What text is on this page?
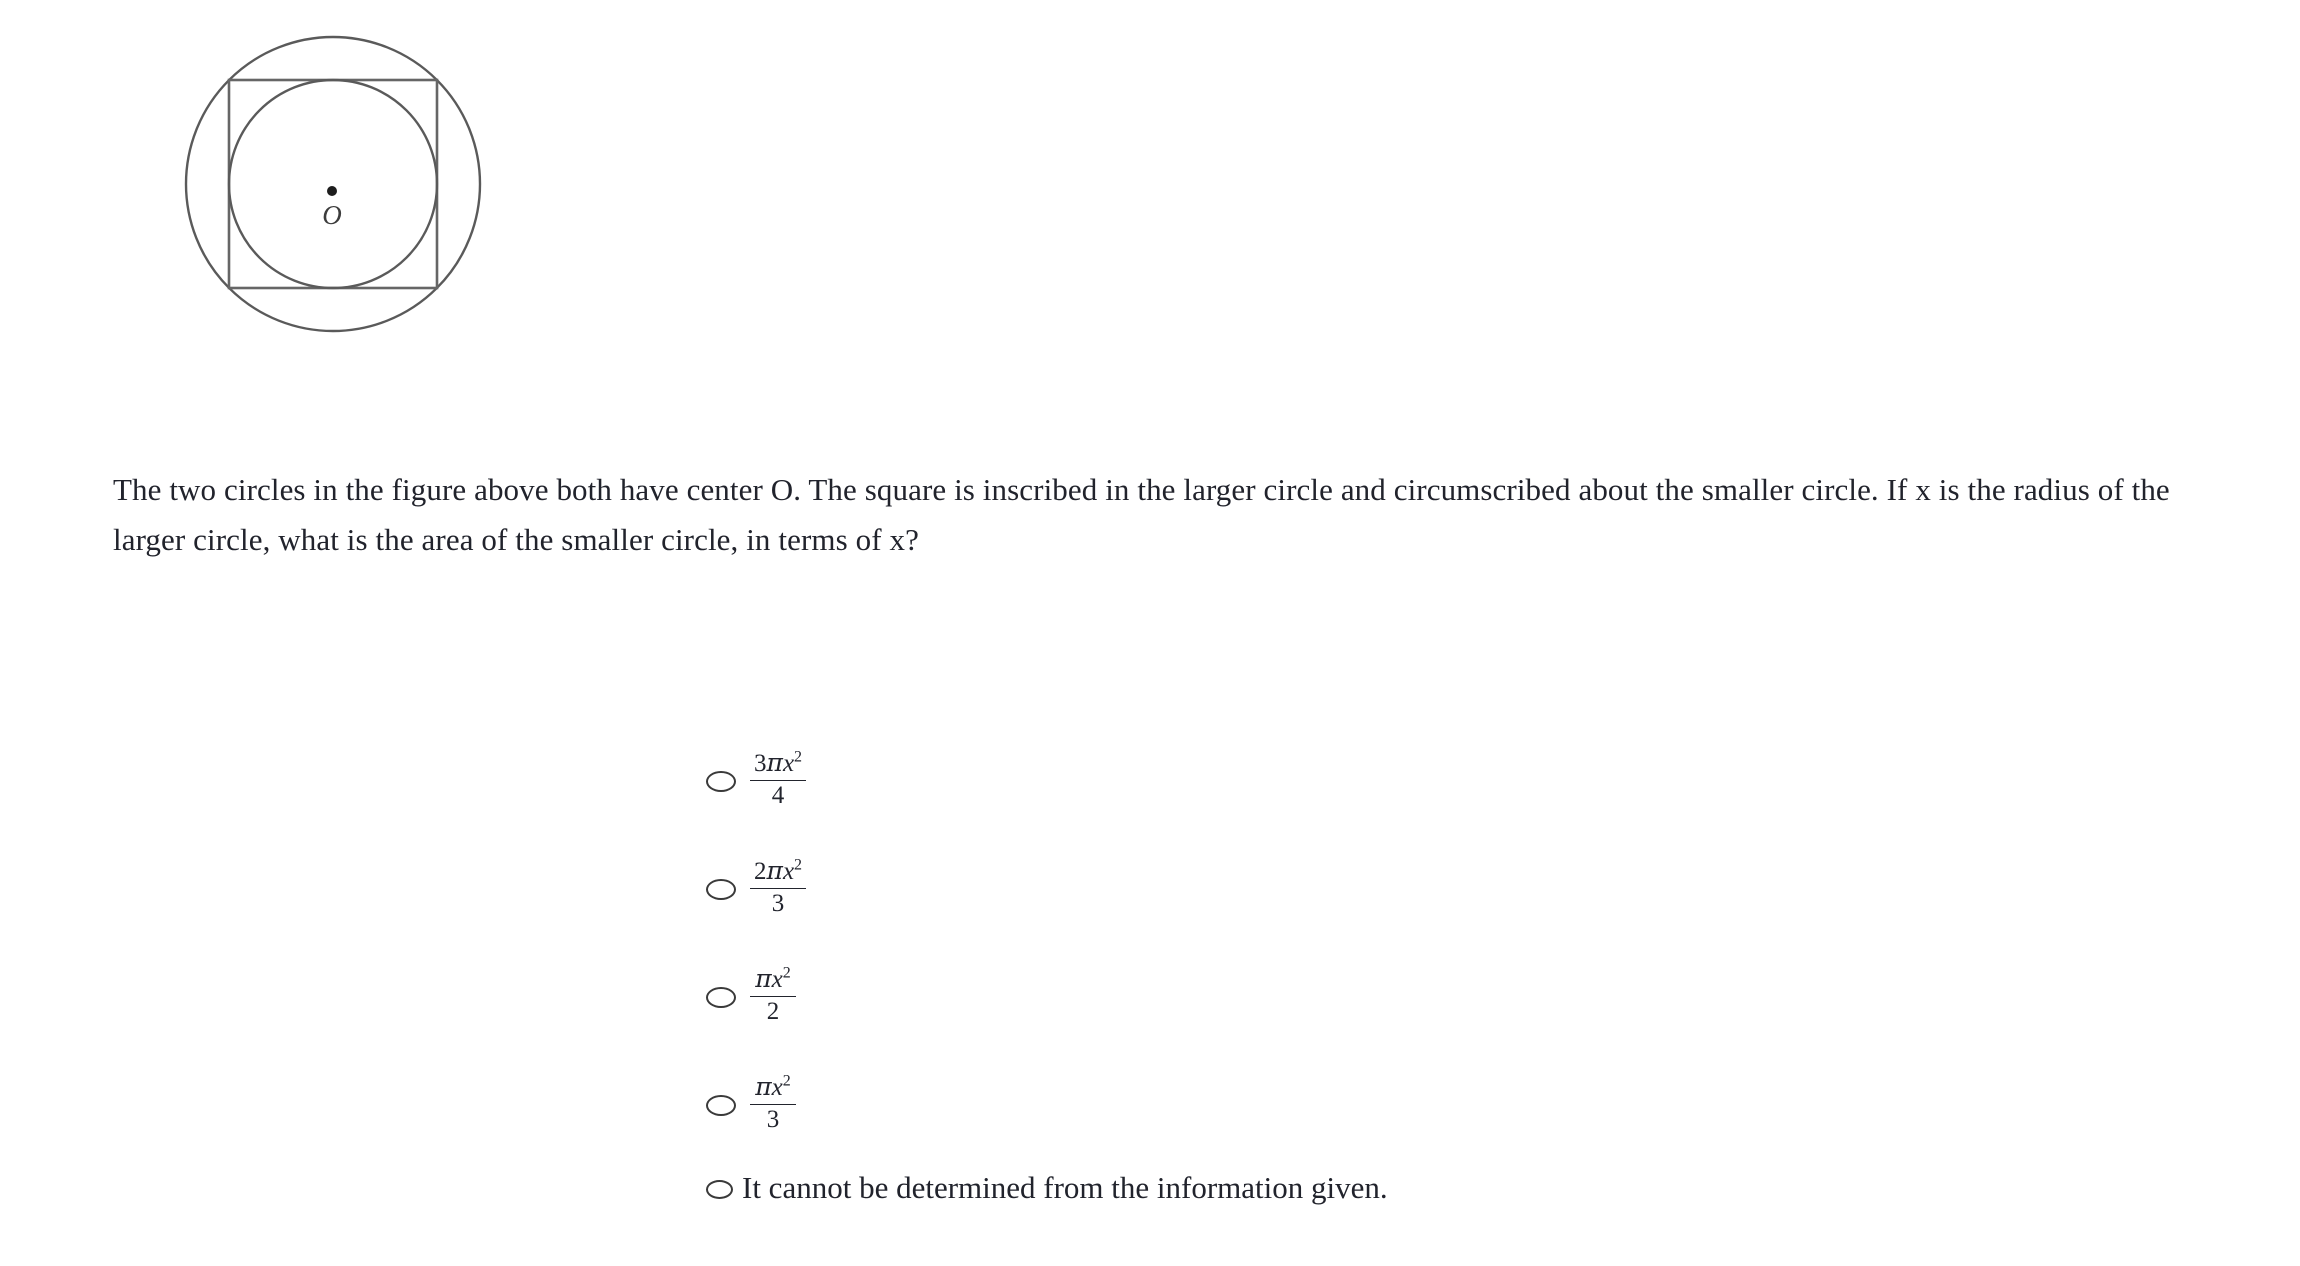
O

The two circles in the figure above both have center O. The square is inscribed in the larger circle and circumscribed about the smaller circle. If x is the radius of the larger circle, what is the area of the smaller circle, in terms of x?

$\frac{3\pi x^2}{4}$
$\frac{2\pi x^2}{3}$
$\frac{\pi x^2}{2}$
$\frac{\pi x^2}{3}$
It cannot be determined from the information given.
